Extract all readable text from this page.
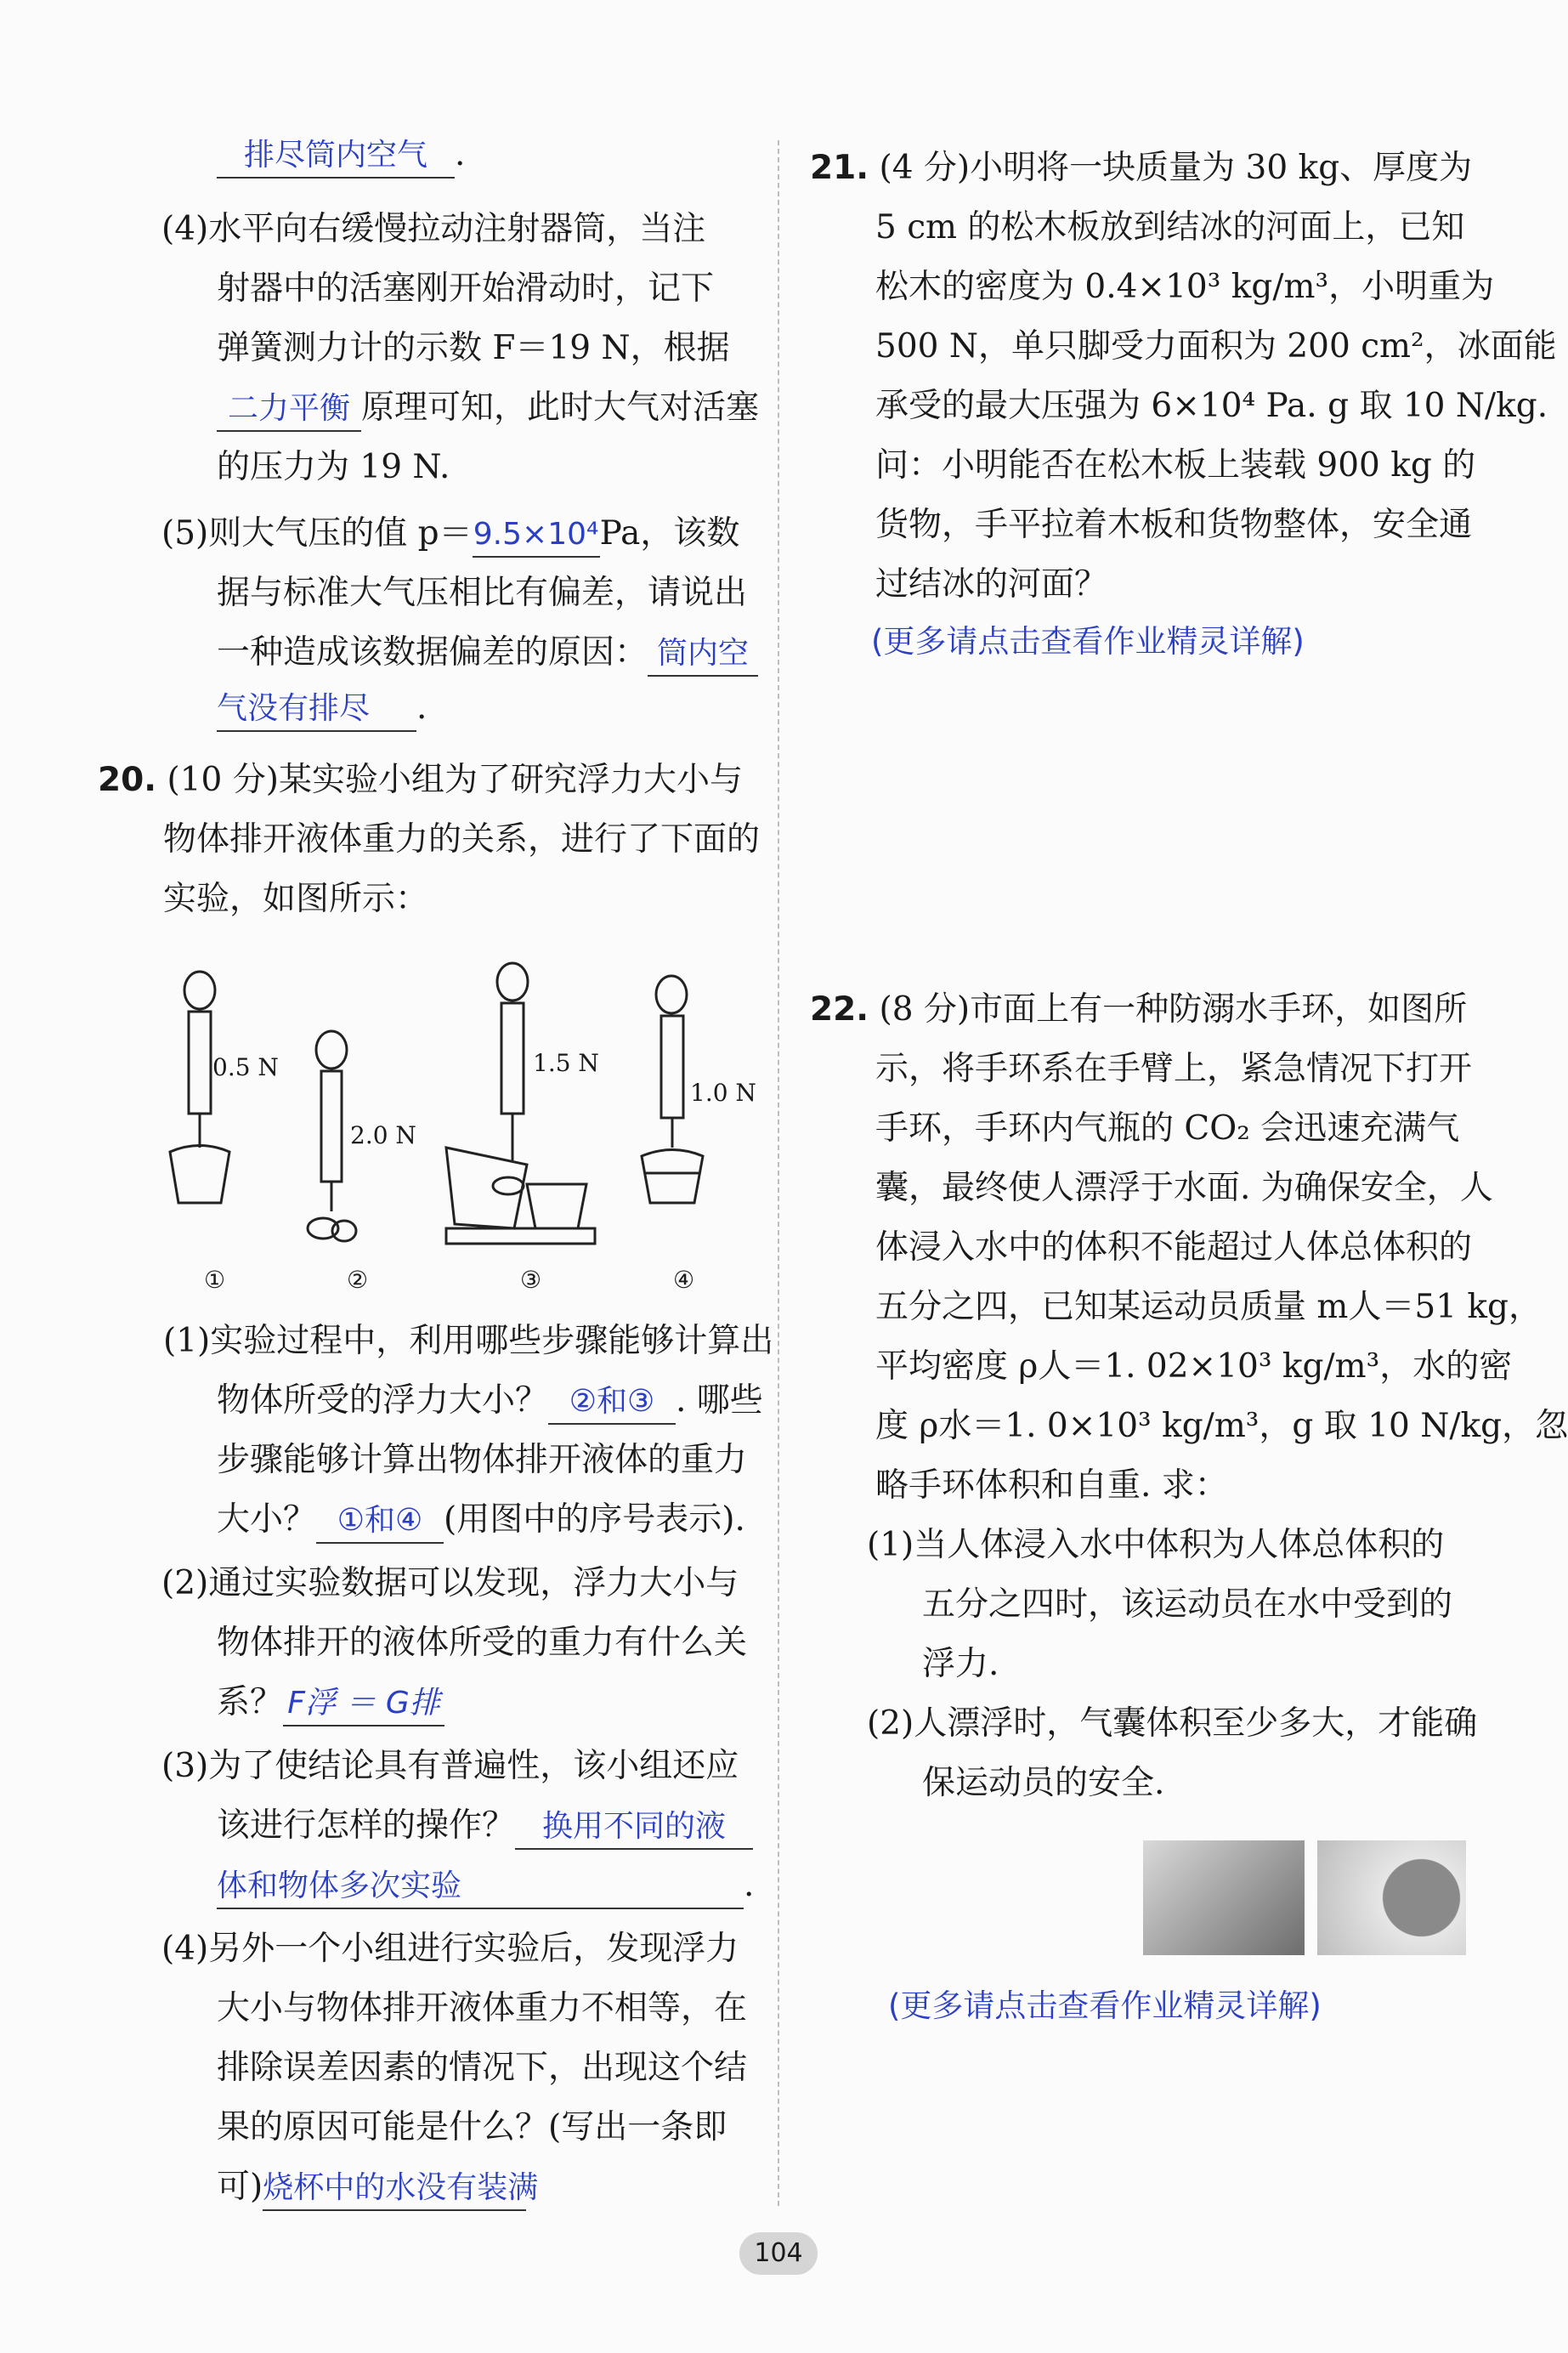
排尽筒内空气 .
(4)水平向右缓慢拉动注射器筒，当注
射器中的活塞刚开始滑动时，记下
弹簧测力计的示数 F＝19 N，根据
二力平衡 原理可知，此时大气对活塞
的压力为 19 N.
(5)则大气压的值 p＝9.5×10⁴Pa，该数
据与标准大气压相比有偏差，请说出
一种造成该数据偏差的原因： 筒内空
气没有排尽 .
20. (10 分)某实验小组为了研究浮力大小与
物体排开液体重力的关系，进行了下面的
实验，如图所示：
0.5 N
2.0 N
1.5 N
1.0 N
①	②	③	④
(1)实验过程中，利用哪些步骤能够计算出
物体所受的浮力大小？ ②和③ . 哪些
步骤能够计算出物体排开液体的重力
大小？ ①和④ (用图中的序号表示).
(2)通过实验数据可以发现，浮力大小与
物体排开的液体所受的重力有什么关
系？ F浮 ＝ G排
(3)为了使结论具有普遍性，该小组还应
该进行怎样的操作？ 换用不同的液
体和物体多次实验	.
(4)另外一个小组进行实验后，发现浮力
大小与物体排开液体重力不相等，在
排除误差因素的情况下，出现这个结
果的原因可能是什么？(写出一条即
可)烧杯中的水没有装满
21. (4 分)小明将一块质量为 30 kg、厚度为
5 cm 的松木板放到结冰的河面上，已知
松木的密度为 0.4×10³ kg/m³，小明重为
500 N，单只脚受力面积为 200 cm²，冰面能
承受的最大压强为 6×10⁴ Pa. g 取 10 N/kg.
问：小明能否在松木板上装载 900 kg 的
货物，手平拉着木板和货物整体，安全通
过结冰的河面？
(更多请点击查看作业精灵详解)
22. (8 分)市面上有一种防溺水手环，如图所
示，将手环系在手臂上，紧急情况下打开
手环，手环内气瓶的 CO₂ 会迅速充满气
囊，最终使人漂浮于水面. 为确保安全，人
体浸入水中的体积不能超过人体总体积的
五分之四，已知某运动员质量 m人＝51 kg，
平均密度 ρ人＝1. 02×10³ kg/m³，水的密
度 ρ水＝1. 0×10³ kg/m³，g 取 10 N/kg，忽
略手环体积和自重. 求：
(1)当人体浸入水中体积为人体总体积的
五分之四时，该运动员在水中受到的
浮力.
(2)人漂浮时，气囊体积至少多大，才能确
保运动员的安全.
(更多请点击查看作业精灵详解)
104
